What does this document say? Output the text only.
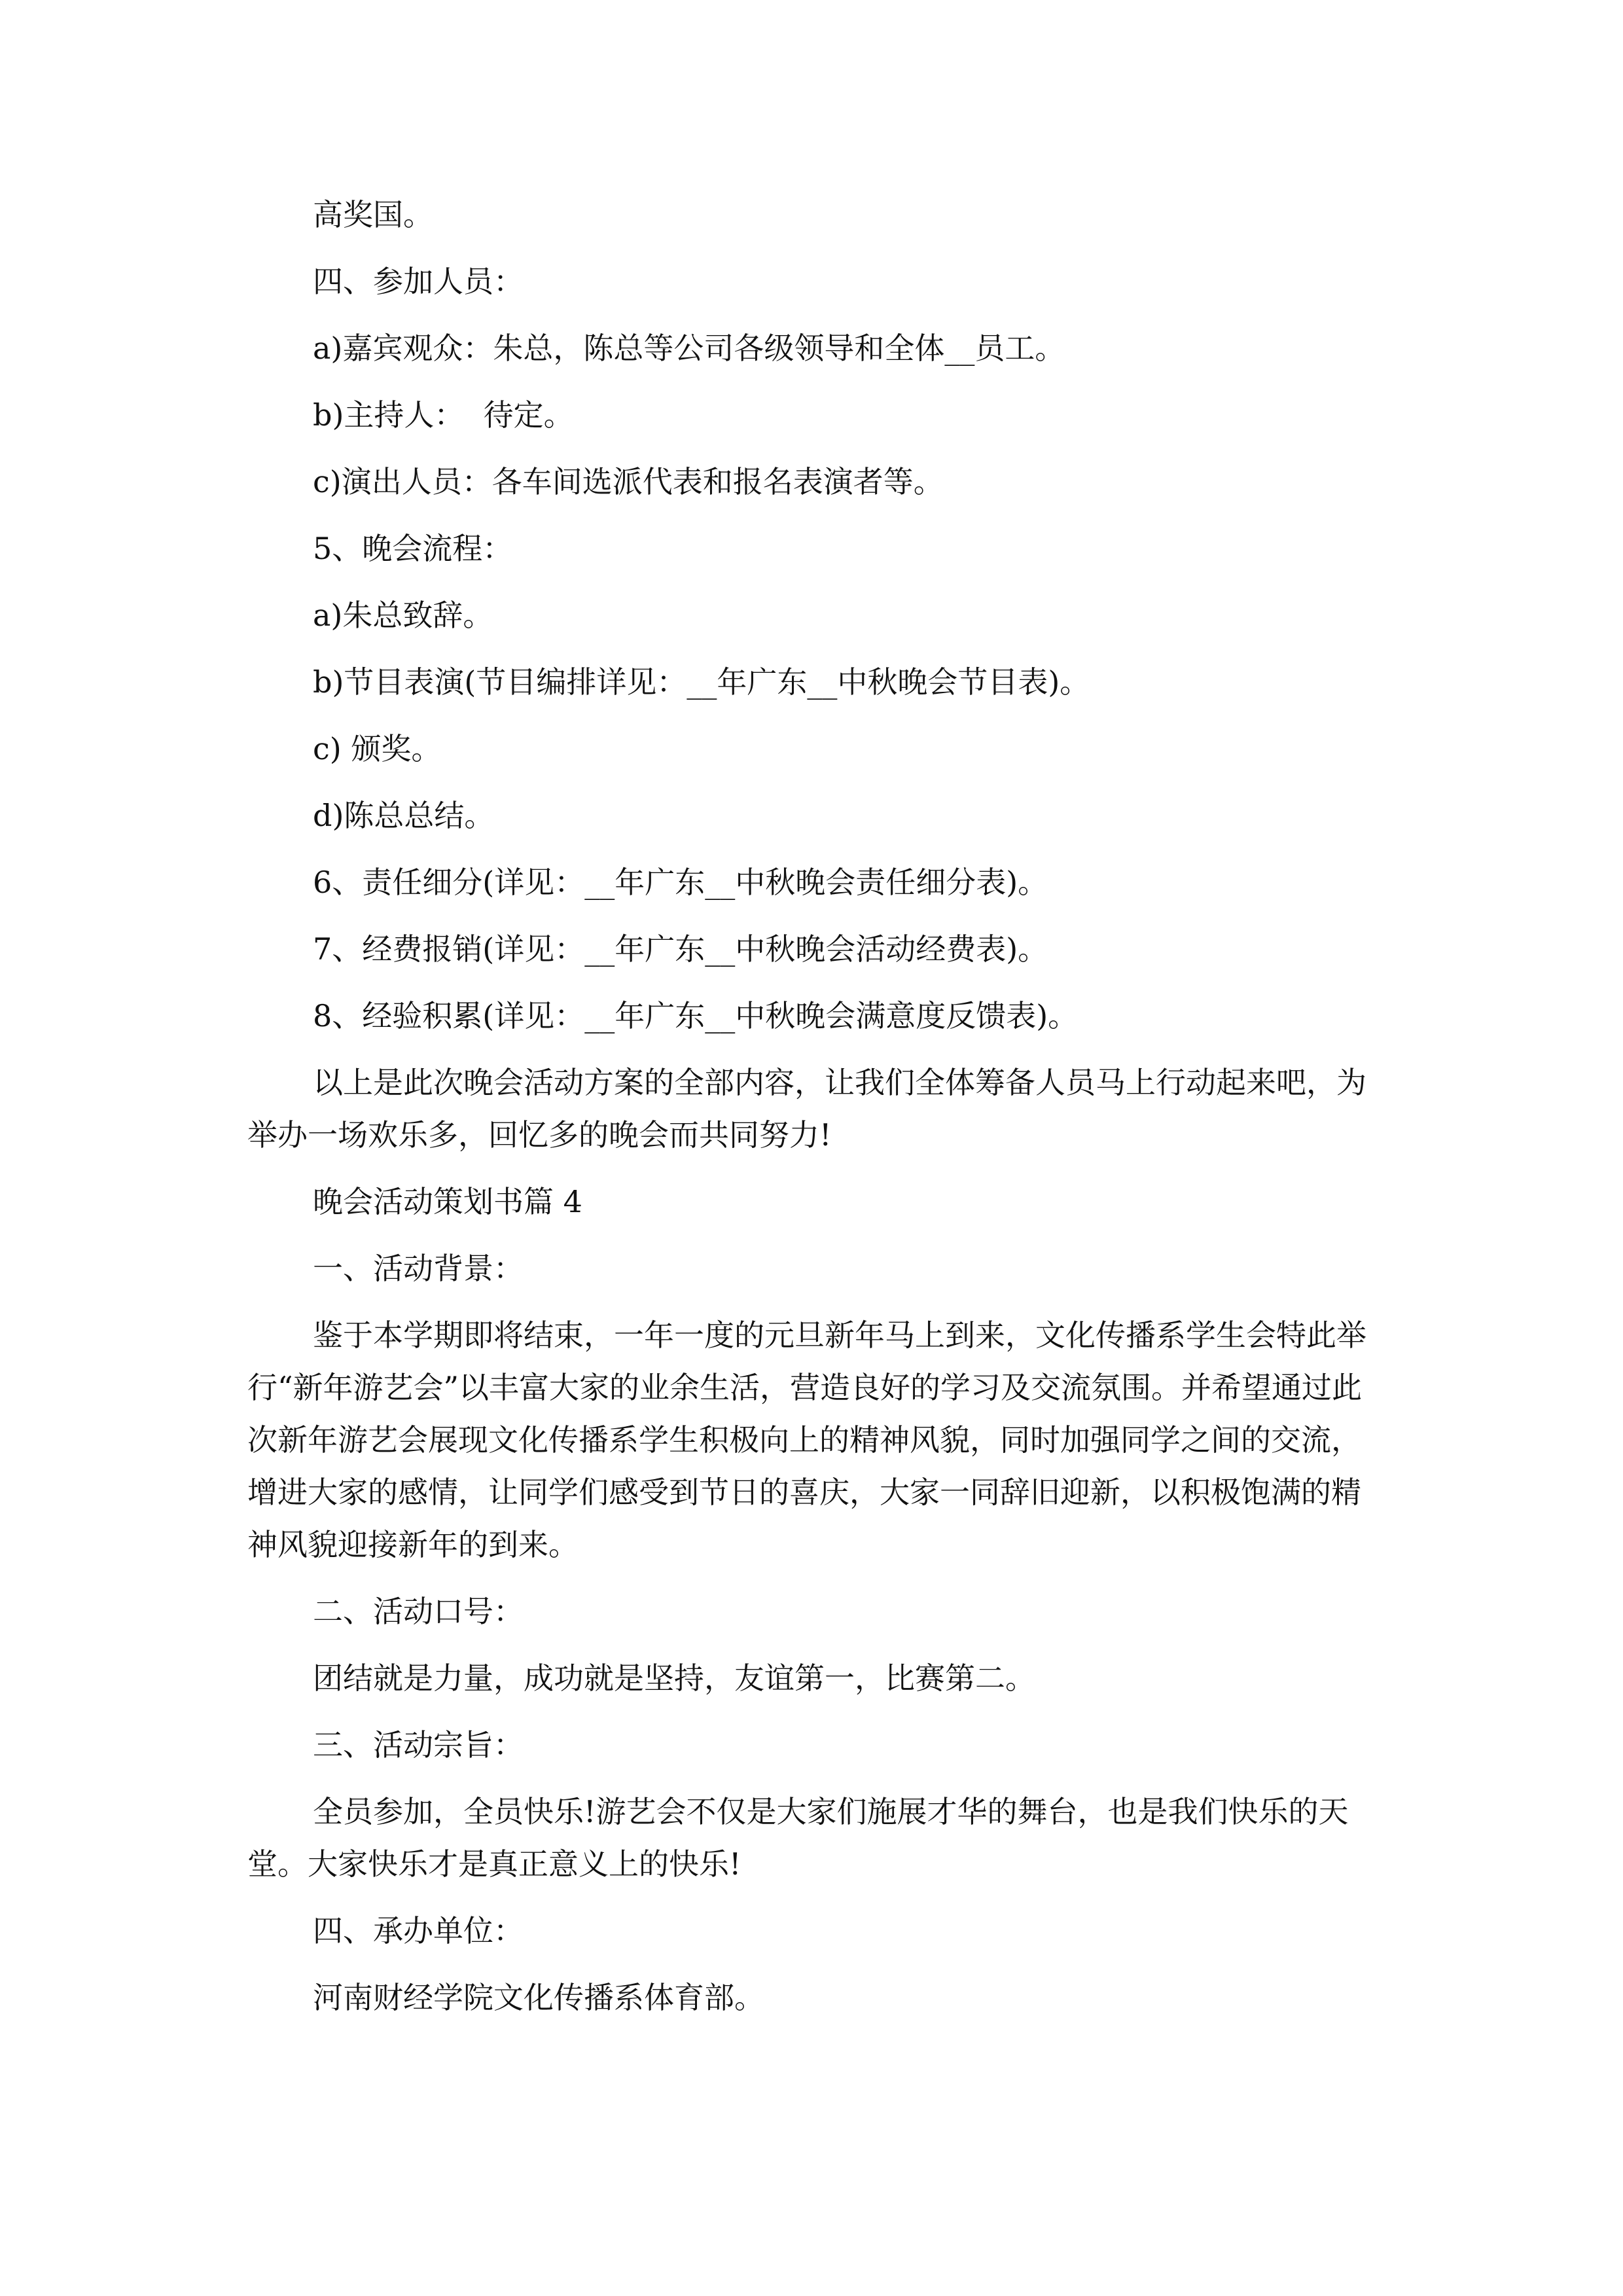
高奖国。

四、参加人员：

a)嘉宾观众：朱总，陈总等公司各级领导和全体__员工。

b)主持人：  待定。

c)演出人员：各车间选派代表和报名表演者等。

5、晚会流程：

a)朱总致辞。

b)节目表演(节目编排详见：__年广东__中秋晚会节目表)。

c) 颁奖。

d)陈总总结。

6、责任细分(详见：__年广东__中秋晚会责任细分表)。

7、经费报销(详见：__年广东__中秋晚会活动经费表)。

8、经验积累(详见：__年广东__中秋晚会满意度反馈表)。

以上是此次晚会活动方案的全部内容，让我们全体筹备人员马上行动起来吧，为举办一场欢乐多，回忆多的晚会而共同努力!

晚会活动策划书篇 4

一、活动背景：

鉴于本学期即将结束，一年一度的元旦新年马上到来，文化传播系学生会特此举行“新年游艺会”以丰富大家的业余生活，营造良好的学习及交流氛围。并希望通过此次新年游艺会展现文化传播系学生积极向上的精神风貌，同时加强同学之间的交流，增进大家的感情，让同学们感受到节日的喜庆，大家一同辞旧迎新，以积极饱满的精神风貌迎接新年的到来。

二、活动口号：

团结就是力量，成功就是坚持，友谊第一，比赛第二。

三、活动宗旨：

全员参加，全员快乐!游艺会不仅是大家们施展才华的舞台，也是我们快乐的天堂。大家快乐才是真正意义上的快乐!

四、承办单位：

河南财经学院文化传播系体育部。
